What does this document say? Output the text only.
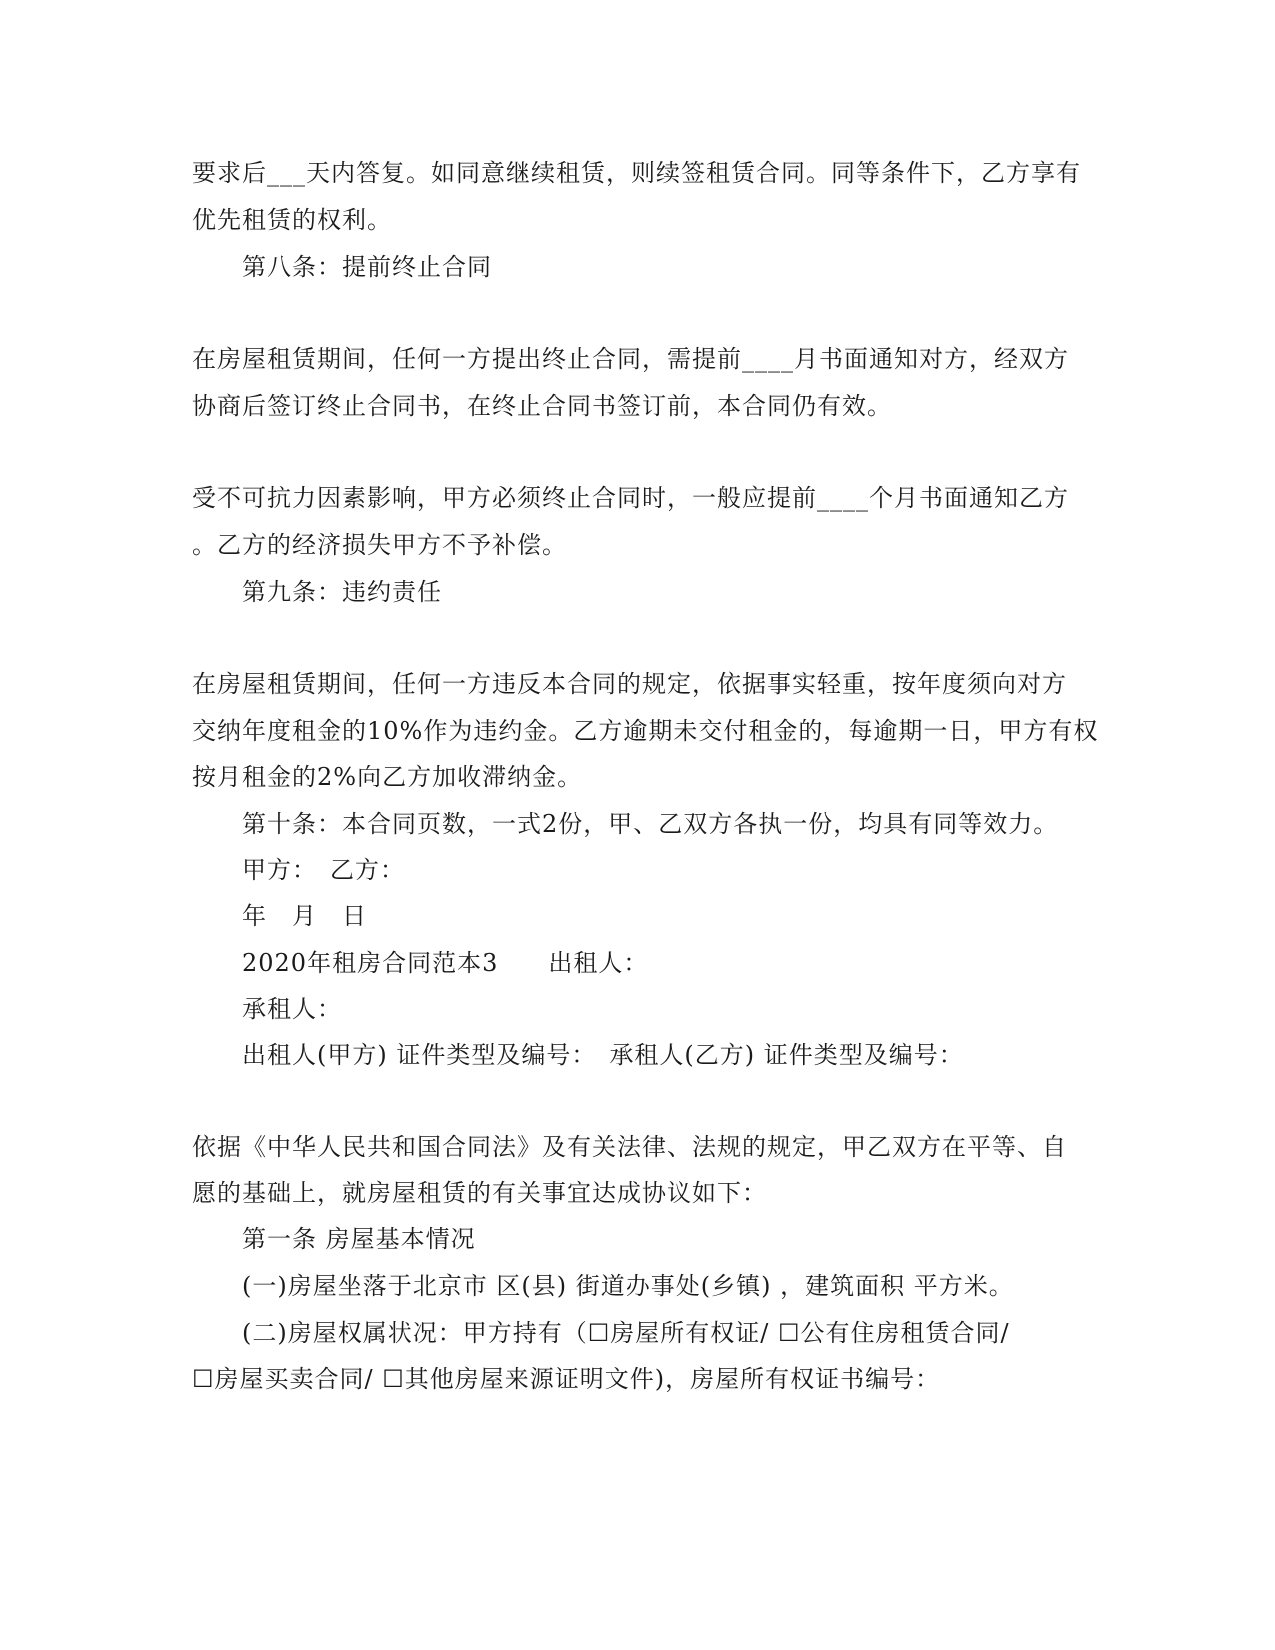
要求后___天内答复。如同意继续租赁，则续签租赁合同。同等条件下，乙方享有
优先租赁的权利。
第八条：提前终止合同
在房屋租赁期间，任何一方提出终止合同，需提前____月书面通知对方，经双方
协商后签订终止合同书，在终止合同书签订前，本合同仍有效。
受不可抗力因素影响，甲方必须终止合同时，一般应提前____个月书面通知乙方
。乙方的经济损失甲方不予补偿。
第九条：违约责任
在房屋租赁期间，任何一方违反本合同的规定，依据事实轻重，按年度须向对方
交纳年度租金的10%作为违约金。乙方逾期未交付租金的，每逾期一日，甲方有权
按月租金的2%向乙方加收滞纳金。
第十条：本合同页数，一式2份，甲、乙双方各执一份，均具有同等效力。
甲方：　乙方：
年　月　日
2020年租房合同范本3　　出租人：
承租人：
出租人(甲方) 证件类型及编号：　承租人(乙方) 证件类型及编号：
依据《中华人民共和国合同法》及有关法律、法规的规定，甲乙双方在平等、自
愿的基础上，就房屋租赁的有关事宜达成协议如下：
第一条 房屋基本情况
(一)房屋坐落于北京市 区(县) 街道办事处(乡镇) ，建筑面积 平方米。
(二)房屋权属状况：甲方持有（☐房屋所有权证/ ☐公有住房租赁合同/
☐房屋买卖合同/ ☐其他房屋来源证明文件)，房屋所有权证书编号：
